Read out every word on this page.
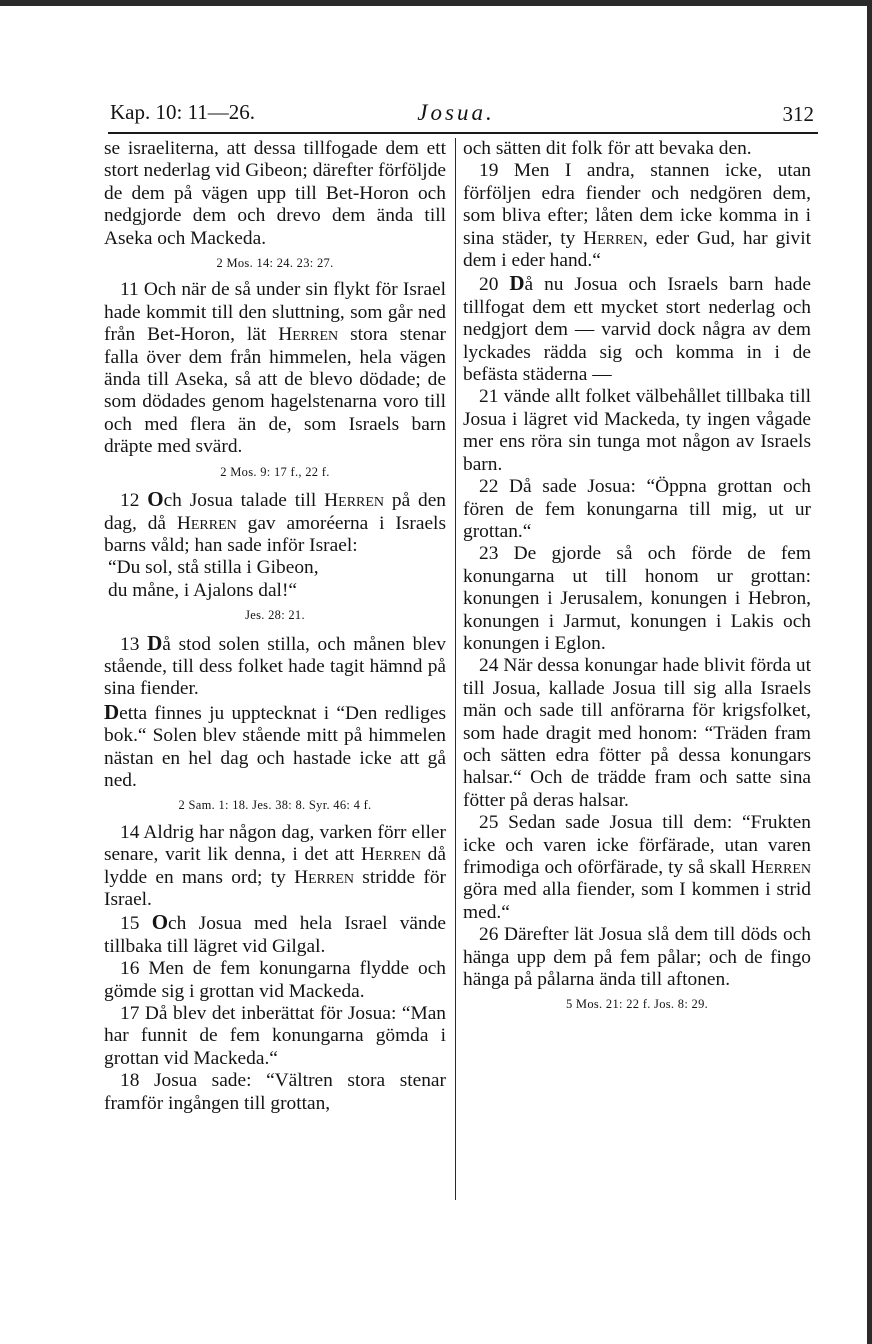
Kap. 10: 11—26.	Josua.	312

se israeliterna, att dessa tillfogade dem ett stort nederlag vid Gibeon; därefter förföljde de dem på vägen upp till Bet-Horon och nedgjorde dem och drevo dem ända till Aseka och Mackeda.

2 Mos. 14: 24. 23: 27.

11 Och när de så under sin flykt för Israel hade kommit till den sluttning, som går ned från Bet-Horon, lät Herren stora stenar falla över dem från himmelen, hela vägen ända till Aseka, så att de blevo dödade; de som dödades genom hagelstenarna voro till och med flera än de, som Israels barn dräpte med svärd.

2 Mos. 9: 17 f., 22 f.

12 Och Josua talade till Herren på den dag, då Herren gav amoréerna i Israels barns våld; han sade inför Israel:

“Du sol, stå stilla i Gibeon,
du måne, i Ajalons dal!“

Jes. 28: 21.

13 Då stod solen stilla, och månen blev stående, till dess folket hade tagit hämnd på sina fiender.

Detta finnes ju upptecknat i “Den redliges bok.“ Solen blev stående mitt på himmelen nästan en hel dag och hastade icke att gå ned.

2 Sam. 1: 18. Jes. 38: 8. Syr. 46: 4 f.

14 Aldrig har någon dag, varken förr eller senare, varit lik denna, i det att Herren då lydde en mans ord; ty Herren stridde för Israel.

15 Och Josua med hela Israel vände tillbaka till lägret vid Gilgal.

16 Men de fem konungarna flydde och gömde sig i grottan vid Mackeda.

17 Då blev det inberättat för Josua: “Man har funnit de fem konungarna gömda i grottan vid Mackeda.“

18 Josua sade: “Vältren stora stenar framför ingången till grottan,

och sätten dit folk för att bevaka den.

19 Men I andra, stannen icke, utan förföljen edra fiender och nedgören dem, som bliva efter; låten dem icke komma in i sina städer, ty Herren, eder Gud, har givit dem i eder hand.“

20 Då nu Josua och Israels barn hade tillfogat dem ett mycket stort nederlag och nedgjort dem — varvid dock några av dem lyckades rädda sig och komma in i de befästa städerna —

21 vände allt folket välbehållet tillbaka till Josua i lägret vid Mackeda, ty ingen vågade mer ens röra sin tunga mot någon av Israels barn.

22 Då sade Josua: “Öppna grottan och fören de fem konungarna till mig, ut ur grottan.“

23 De gjorde så och förde de fem konungarna ut till honom ur grottan: konungen i Jerusalem, konungen i Hebron, konungen i Jarmut, konungen i Lakis och konungen i Eglon.

24 När dessa konungar hade blivit förda ut till Josua, kallade Josua till sig alla Israels män och sade till anförarna för krigsfolket, som hade dragit med honom: “Träden fram och sätten edra fötter på dessa konungars halsar.“ Och de trädde fram och satte sina fötter på deras halsar.

25 Sedan sade Josua till dem: “Frukten icke och varen icke förfärade, utan varen frimodiga och oförfärade, ty så skall Herren göra med alla fiender, som I kommen i strid med.“

26 Därefter lät Josua slå dem till döds och hänga upp dem på fem pålar; och de fingo hänga på pålarna ända till aftonen.

5 Mos. 21: 22 f. Jos. 8: 29.
